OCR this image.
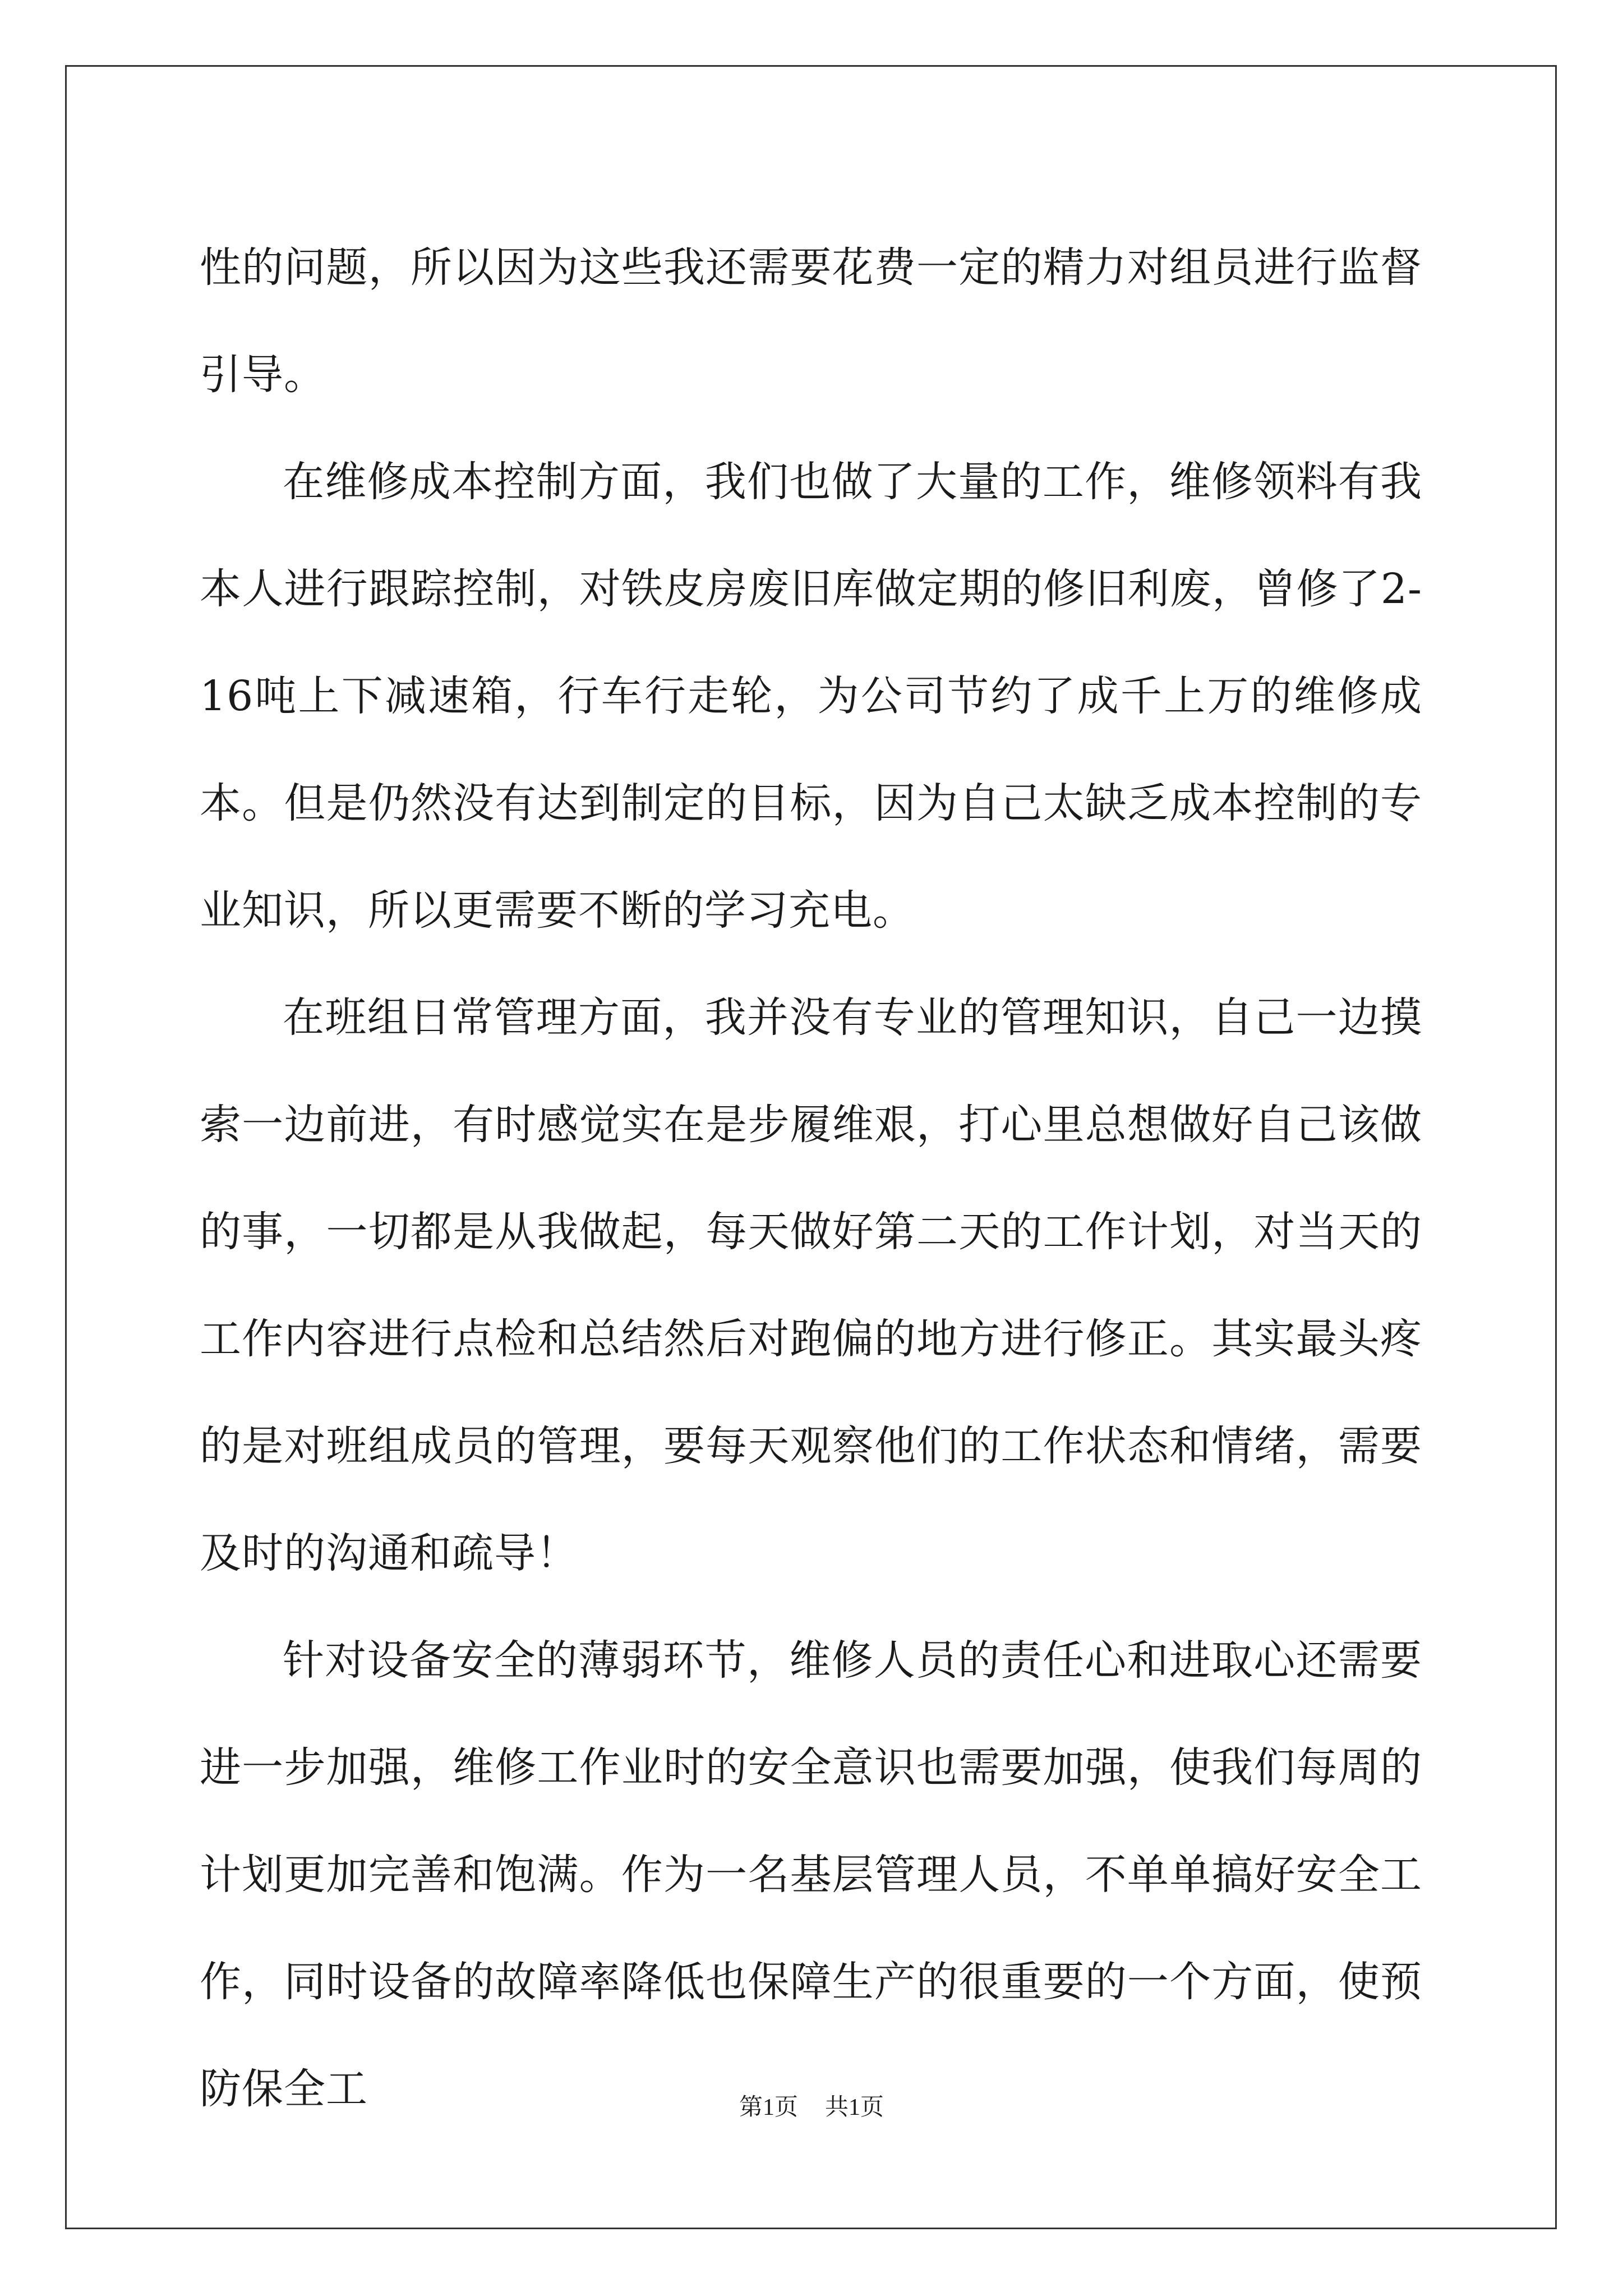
性的问题，所以因为这些我还需要花费一定的精力对组员进行监督引导。

在维修成本控制方面，我们也做了大量的工作，维修领料有我本人进行跟踪控制，对铁皮房废旧库做定期的修旧利废，曾修了2-16吨上下减速箱，行车行走轮，为公司节约了成千上万的维修成本。但是仍然没有达到制定的目标，因为自己太缺乏成本控制的专业知识，所以更需要不断的学习充电。

在班组日常管理方面，我并没有专业的管理知识，自己一边摸索一边前进，有时感觉实在是步履维艰，打心里总想做好自己该做的事，一切都是从我做起，每天做好第二天的工作计划，对当天的工作内容进行点检和总结然后对跑偏的地方进行修正。其实最头疼的是对班组成员的管理，要每天观察他们的工作状态和情绪，需要及时的沟通和疏导！

针对设备安全的薄弱环节，维修人员的责任心和进取心还需要进一步加强，维修工作业时的安全意识也需要加强，使我们每周的计划更加完善和饱满。作为一名基层管理人员，不单单搞好安全工作，同时设备的故障率降低也保障生产的很重要的一个方面，使预防保全工	第1页 共1页
